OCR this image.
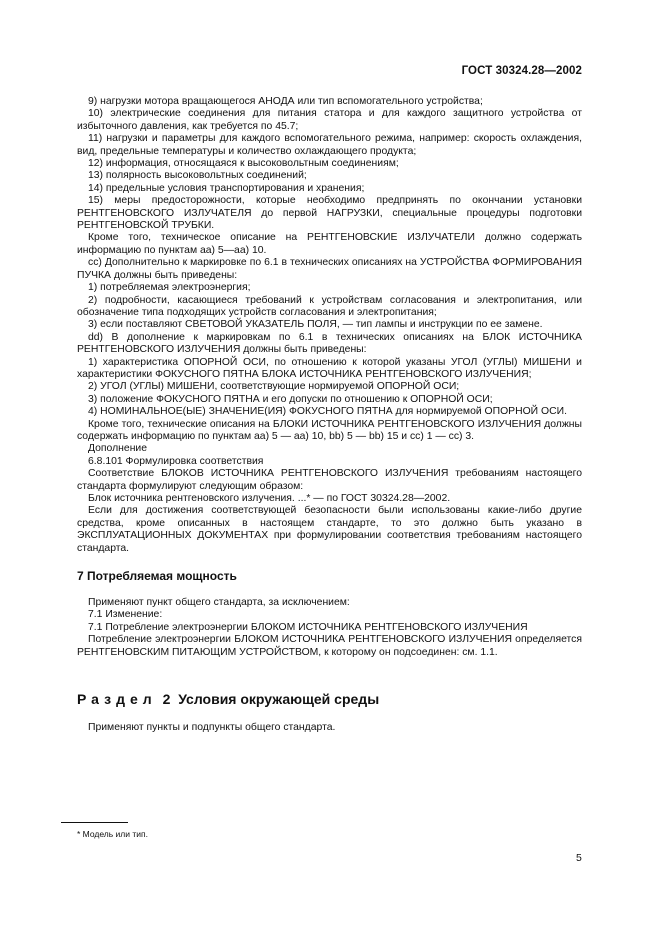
ГОСТ 30324.28—2002

9) нагрузки мотора вращающегося АНОДА или тип вспомогательного устройства;

10) электрические соединения для питания статора и для каждого защитного устройства от избыточного давления, как требуется по 45.7;

11) нагрузки и параметры для каждого вспомогательного режима, например: скорость охлаждения, вид, предельные температуры и количество охлаждающего продукта;

12) информация, относящаяся к высоковольтным соединениям;

13) полярность высоковольтных соединений;

14) предельные условия транспортирования и хранения;

15) меры предосторожности, которые необходимо предпринять по окончании установки РЕНТГЕНОВСКОГО ИЗЛУЧАТЕЛЯ до первой НАГРУЗКИ, специальные процедуры подготовки РЕНТГЕНОВСКОЙ ТРУБКИ.

Кроме того, техническое описание на РЕНТГЕНОВСКИЕ ИЗЛУЧАТЕЛИ должно содержать информацию по пунктам аа) 5—аа) 10.

сс) Дополнительно к маркировке по 6.1 в технических описаниях на УСТРОЙСТВА ФОРМИРОВАНИЯ ПУЧКА должны быть приведены:

1) потребляемая электроэнергия;

2) подробности, касающиеся требований к устройствам согласования и электропитания, или обозначение типа подходящих устройств согласования и электропитания;

3) если поставляют СВЕТОВОЙ УКАЗАТЕЛЬ ПОЛЯ, — тип лампы и инструкции по ее замене.

dd) В дополнение к маркировкам по 6.1 в технических описаниях на БЛОК ИСТОЧНИКА РЕНТГЕНОВСКОГО ИЗЛУЧЕНИЯ должны быть приведены:

1) характеристика ОПОРНОЙ ОСИ, по отношению к которой указаны УГОЛ (УГЛЫ) МИШЕНИ и характеристики ФОКУСНОГО ПЯТНА БЛОКА ИСТОЧНИКА РЕНТГЕНОВСКОГО ИЗЛУЧЕНИЯ;

2) УГОЛ (УГЛЫ) МИШЕНИ, соответствующие нормируемой ОПОРНОЙ ОСИ;

3) положение ФОКУСНОГО ПЯТНА и его допуски по отношению к ОПОРНОЙ ОСИ;

4) НОМИНАЛЬНОЕ(ЫЕ) ЗНАЧЕНИЕ(ИЯ) ФОКУСНОГО ПЯТНА для нормируемой ОПОРНОЙ ОСИ.

Кроме того, технические описания на БЛОКИ ИСТОЧНИКА РЕНТГЕНОВСКОГО ИЗЛУЧЕНИЯ должны содержать информацию по пунктам аа) 5 — аа) 10, bb) 5 — bb) 15 и сс) 1 — сс) 3.

Дополнение

6.8.101 Формулировка соответствия

Соответствие БЛОКОВ ИСТОЧНИКА РЕНТГЕНОВСКОГО ИЗЛУЧЕНИЯ требованиям настоящего стандарта формулируют следующим образом:

Блок источника рентгеновского излучения. ...* — по ГОСТ 30324.28—2002.

Если для достижения соответствующей безопасности были использованы какие-либо другие средства, кроме описанных в настоящем стандарте, то это должно быть указано в ЭКСПЛУАТАЦИОННЫХ ДОКУМЕНТАХ при формулировании соответствия требованиям настоящего стандарта.

7 Потребляемая мощность

Применяют пункт общего стандарта, за исключением:

7.1 Изменение:

7.1 Потребление электроэнергии БЛОКОМ ИСТОЧНИКА РЕНТГЕНОВСКОГО ИЗЛУЧЕНИЯ

Потребление электроэнергии БЛОКОМ ИСТОЧНИКА РЕНТГЕНОВСКОГО ИЗЛУЧЕНИЯ определяется РЕНТГЕНОВСКИМ ПИТАЮЩИМ УСТРОЙСТВОМ, к которому он подсоединен: см. 1.1.

Раздел 2 Условия окружающей среды

Применяют пункты и подпункты общего стандарта.

* Модель или тип.
5
